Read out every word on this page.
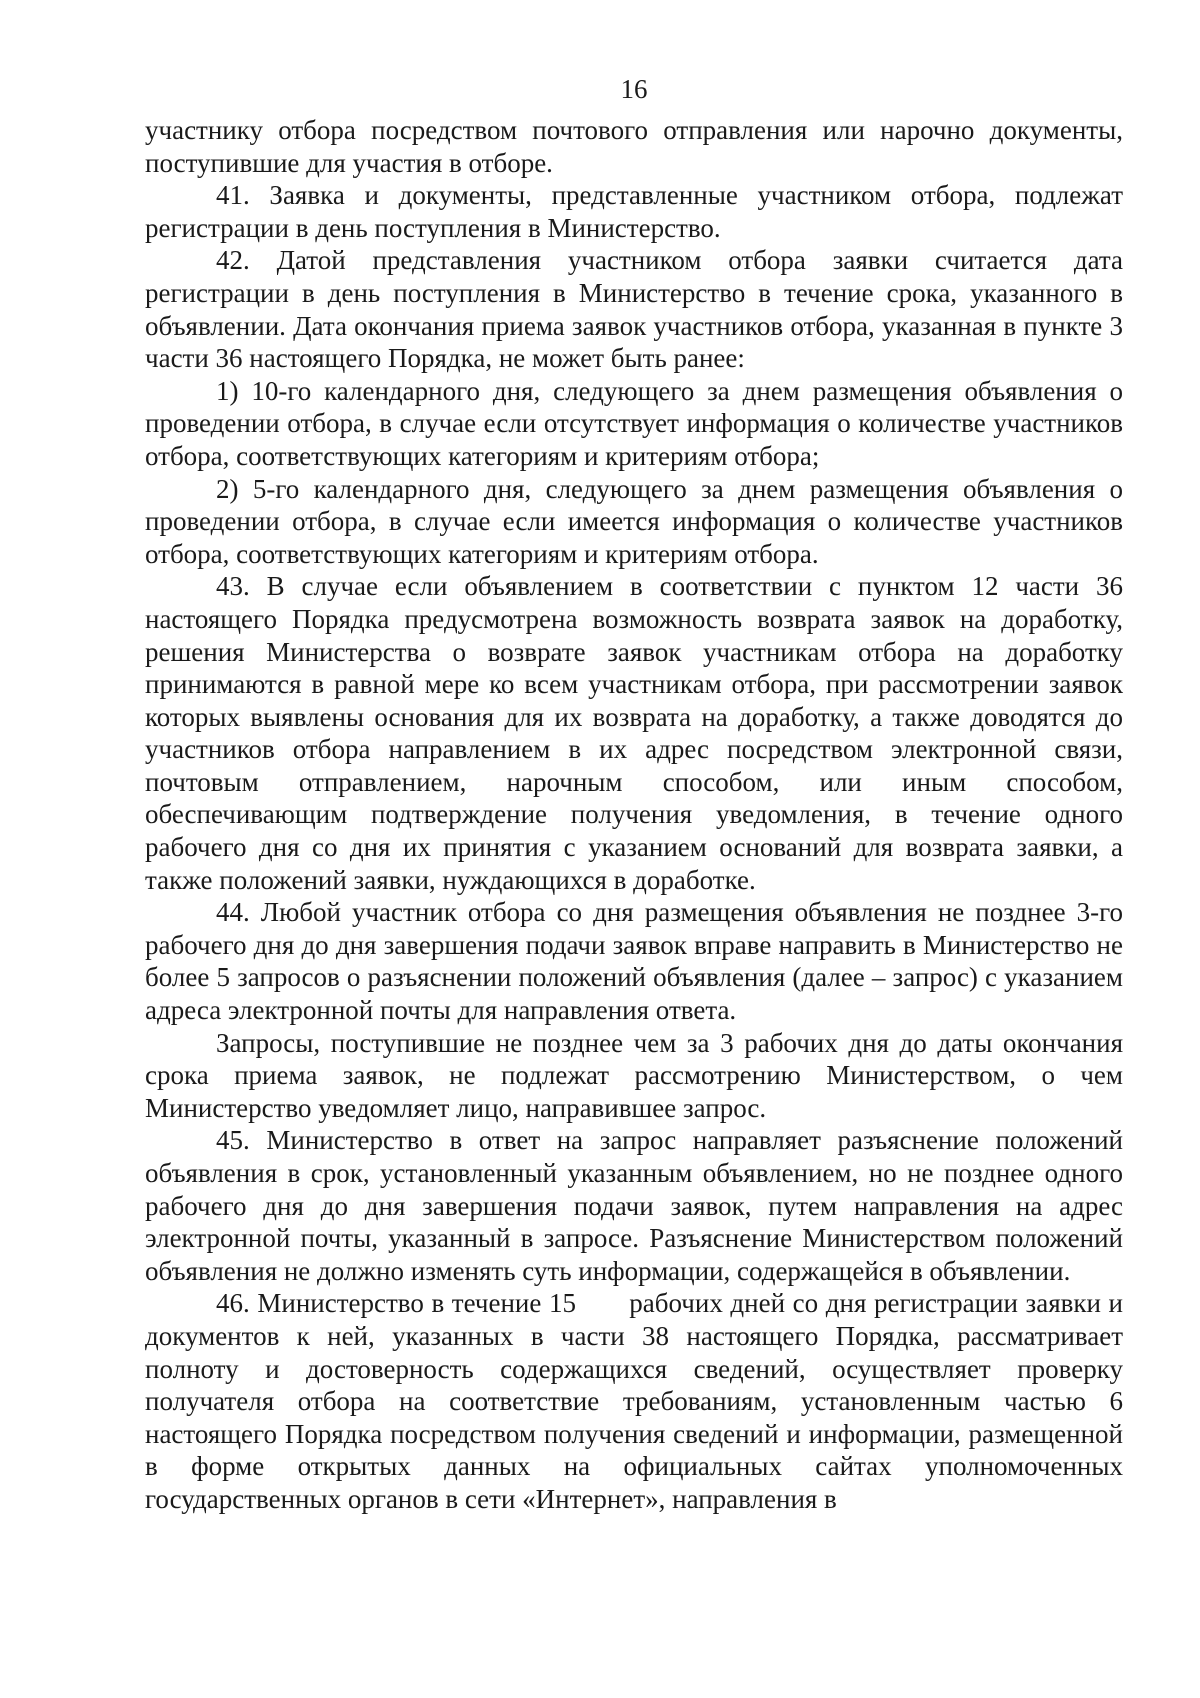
16

участнику отбора посредством почтового отправления или нарочно документы, поступившие для участия в отборе.

41. Заявка и документы, представленные участником отбора, подлежат регистрации в день поступления в Министерство.

42. Датой представления участником отбора заявки считается дата регистрации в день поступления в Министерство в течение срока, указанного в объявлении. Дата окончания приема заявок участников отбора, указанная в пункте 3 части 36 настоящего Порядка, не может быть ранее:

1) 10-го календарного дня, следующего за днем размещения объявления о проведении отбора, в случае если отсутствует информация о количестве участников отбора, соответствующих категориям и критериям отбора;

2) 5-го календарного дня, следующего за днем размещения объявления о проведении отбора, в случае если имеется информация о количестве участников отбора, соответствующих категориям и критериям отбора.

43. В случае если объявлением в соответствии с пунктом 12 части 36 настоящего Порядка предусмотрена возможность возврата заявок на доработку, решения Министерства о возврате заявок участникам отбора на доработку принимаются в равной мере ко всем участникам отбора, при рассмотрении заявок которых выявлены основания для их возврата на доработку, а также доводятся до участников отбора направлением в их адрес посредством электронной связи, почтовым отправлением, нарочным способом, или иным способом, обеспечивающим подтверждение получения уведомления, в течение одного рабочего дня со дня их принятия с указанием оснований для возврата заявки, а также положений заявки, нуждающихся в доработке.

44. Любой участник отбора со дня размещения объявления не позднее 3-го рабочего дня до дня завершения подачи заявок вправе направить в Министерство не более 5 запросов о разъяснении положений объявления (далее – запрос) с указанием адреса электронной почты для направления ответа.

Запросы, поступившие не позднее чем за 3 рабочих дня до даты окончания срока приема заявок, не подлежат рассмотрению Министерством, о чем Министерство уведомляет лицо, направившее запрос.

45. Министерство в ответ на запрос направляет разъяснение положений объявления в срок, установленный указанным объявлением, но не позднее одного рабочего дня до дня завершения подачи заявок, путем направления на адрес электронной почты, указанный в запросе. Разъяснение Министерством положений объявления не должно изменять суть информации, содержащейся в объявлении.

46. Министерство в течение 15       рабочих дней со дня регистрации заявки и документов к ней, указанных в части 38 настоящего Порядка, рассматривает полноту и достоверность содержащихся сведений, осуществляет проверку получателя отбора на соответствие требованиям, установленным частью 6 настоящего Порядка посредством получения сведений и информации, размещенной в форме открытых данных на официальных сайтах уполномоченных государственных органов в сети «Интернет», направления в
